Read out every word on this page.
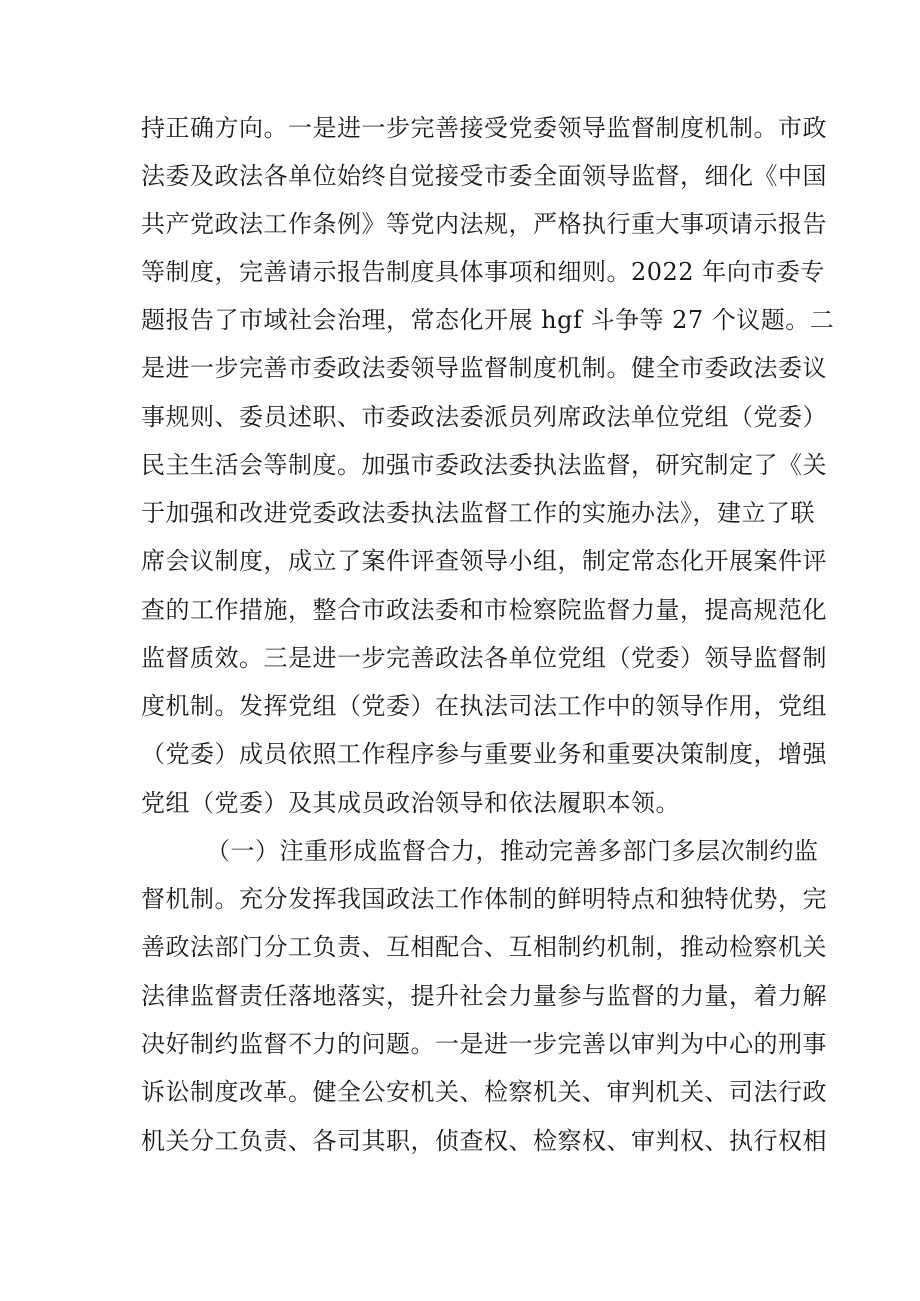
持正确方向。一是进一步完善接受党委领导监督制度机制。市政
法委及政法各单位始终自觉接受市委全面领导监督，细化《中国
共产党政法工作条例》等党内法规，严格执行重大事项请示报告
等制度，完善请示报告制度具体事项和细则。2022 年向市委专
题报告了市域社会治理，常态化开展 hgf 斗争等 27 个议题。二
是进一步完善市委政法委领导监督制度机制。健全市委政法委议
事规则、委员述职、市委政法委派员列席政法单位党组（党委）
民主生活会等制度。加强市委政法委执法监督，研究制定了《关
于加强和改进党委政法委执法监督工作的实施办法》，建立了联
席会议制度，成立了案件评查领导小组，制定常态化开展案件评
查的工作措施，整合市政法委和市检察院监督力量，提高规范化
监督质效。三是进一步完善政法各单位党组（党委）领导监督制
度机制。发挥党组（党委）在执法司法工作中的领导作用，党组
（党委）成员依照工作程序参与重要业务和重要决策制度，增强
党组（党委）及其成员政治领导和依法履职本领。
（一）注重形成监督合力，推动完善多部门多层次制约监
督机制。充分发挥我国政法工作体制的鲜明特点和独特优势，完
善政法部门分工负责、互相配合、互相制约机制，推动检察机关
法律监督责任落地落实，提升社会力量参与监督的力量，着力解
决好制约监督不力的问题。一是进一步完善以审判为中心的刑事
诉讼制度改革。健全公安机关、检察机关、审判机关、司法行政
机关分工负责、各司其职，侦查权、检察权、审判权、执行权相
